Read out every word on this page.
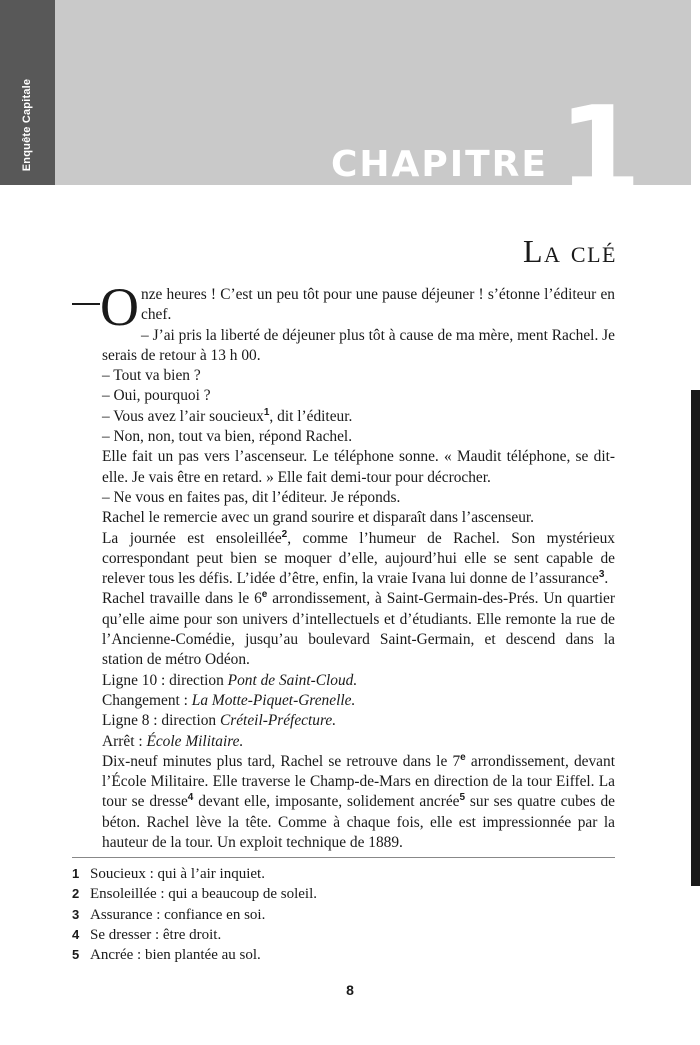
Enquête Capitale	CHAPITRE 1
La clé

Onze heures ! C’est un peu tôt pour une pause déjeuner ! s’étonne l’éditeur en chef.

– J’ai pris la liberté de déjeuner plus tôt à cause de ma mère, ment Rachel. Je serais de retour à 13 h 00.

– Tout va bien ?

– Oui, pourquoi ?

– Vous avez l’air soucieux$^1$, dit l’éditeur.

– Non, non, tout va bien, répond Rachel.

Elle fait un pas vers l’ascenseur. Le téléphone sonne. « Maudit téléphone, se dit-elle. Je vais être en retard. » Elle fait demi-tour pour décrocher.

– Ne vous en faites pas, dit l’éditeur. Je réponds.

Rachel le remercie avec un grand sourire et disparaît dans l’ascenseur.

La journée est ensoleillée$^2$, comme l’humeur de Rachel. Son mystérieux correspondant peut bien se moquer d’elle, aujourd’hui elle se sent capable de relever tous les défis. L’idée d’être, enfin, la vraie Ivana lui donne de l’assurance$^3$.

Rachel travaille dans le 6e arrondissement, à Saint-Germain-des-Prés. Un quartier qu’elle aime pour son univers d’intellectuels et d’étudiants. Elle remonte la rue de l’Ancienne-Comédie, jusqu’au boulevard Saint-Germain, et descend dans la station de métro Odéon.

Ligne 10 : direction Pont de Saint-Cloud.

Changement : La Motte-Piquet-Grenelle.

Ligne 8 : direction Créteil-Préfecture.

Arrêt : École Militaire.

Dix-neuf minutes plus tard, Rachel se retrouve dans le 7e arrondissement, devant l’École Militaire. Elle traverse le Champ-de-Mars en direction de la tour Eiffel. La tour se dresse$^4$ devant elle, imposante, solidement ancrée$^5$ sur ses quatre cubes de béton. Rachel lève la tête. Comme à chaque fois, elle est impressionnée par la hauteur de la tour. Un exploit technique de 1889.

1 Soucieux : qui à l’air inquiet.
2 Ensoleillée : qui a beaucoup de soleil.
3 Assurance : confiance en soi.
4 Se dresser : être droit.
5 Ancrée : bien plantée au sol.
8
